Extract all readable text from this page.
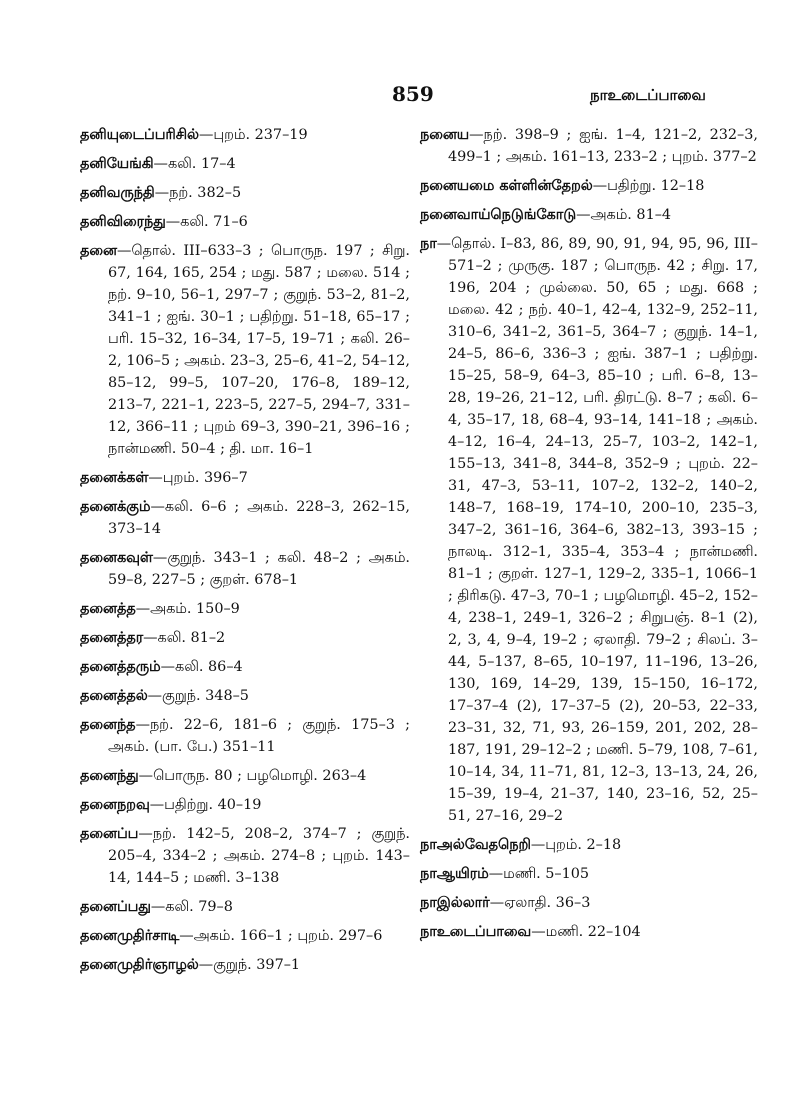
859	நாஉடைப்பாவை

தனியுடைப்பரிசில்—புறம். 237–19

தனியேங்கி—கலி. 17–4

தனிவருந்தி—நற். 382–5

தனிவிரைந்து—கலி. 71–6

தனை—தொல். III–633–3 ; பொருந. 197 ; சிறு. 67, 164, 165, 254 ; மது. 587 ; மலை. 514 ; நற். 9–10, 56–1, 297–7 ; குறுந். 53–2, 81–2, 341–1 ; ஐங். 30–1 ; பதிற்று. 51–18, 65–17 ; பரி. 15–32, 16–34, 17–5, 19–71 ; கலி. 26–2, 106–5 ; அகம். 23–3, 25–6, 41–2, 54–12, 85–12, 99–5, 107–20, 176–8, 189–12, 213–7, 221–1, 223–5, 227–5, 294–7, 331–12, 366–11 ; புறம் 69–3, 390–21, 396–16 ; நான்மணி. 50–4 ; தி. மா. 16–1

தனைக்கள்—புறம். 396–7

தனைக்கும்—கலி. 6–6 ; அகம். 228–3, 262–15, 373–14

தனைகவுள்—குறுந். 343–1 ; கலி. 48–2 ; அகம். 59–8, 227–5 ; குறள். 678–1

தனைத்த—அகம். 150–9

தனைத்தர—கலி. 81–2

தனைத்தரும்—கலி. 86–4

தனைத்தல்—குறுந். 348–5

தனைந்த—நற். 22–6, 181–6 ; குறுந். 175–3 ; அகம். (பா. பே.) 351–11

தனைந்து—பொருந. 80 ; பழமொழி. 263–4

தனைநறவு—பதிற்று. 40–19

தனைப்ப—நற். 142–5, 208–2, 374–7 ; குறுந். 205–4, 334–2 ; அகம். 274–8 ; புறம். 143–14, 144–5 ; மணி. 3–138

தனைப்பது—கலி. 79–8

தனைமுதிர்சாடி—அகம். 166–1 ; புறம். 297–6

தனைமுதிர்ஞாழல்—குறுந். 397–1

நனைய—நற். 398–9 ; ஐங். 1–4, 121–2, 232–3, 499–1 ; அகம். 161–13, 233–2 ; புறம். 377–2

நனையமை கள்ளின்தேறல்—பதிற்று. 12–18

நனைவாய்நெடுங்கோடு—அகம். 81–4

நா—தொல். I–83, 86, 89, 90, 91, 94, 95, 96, III–571–2 ; முருகு. 187 ; பொருந. 42 ; சிறு. 17, 196, 204 ; முல்லை. 50, 65 ; மது. 668 ; மலை. 42 ; நற். 40–1, 42–4, 132–9, 252–11, 310–6, 341–2, 361–5, 364–7 ; குறுந். 14–1, 24–5, 86–6, 336–3 ; ஐங். 387–1 ; பதிற்று. 15–25, 58–9, 64–3, 85–10 ; பரி. 6–8, 13–28, 19–26, 21–12, பரி. திரட்டு. 8–7 ; கலி. 6–4, 35–17, 18, 68–4, 93–14, 141–18 ; அகம். 4–12, 16–4, 24–13, 25–7, 103–2, 142–1, 155–13, 341–8, 344–8, 352–9 ; புறம். 22–31, 47–3, 53–11, 107–2, 132–2, 140–2, 148–7, 168–19, 174–10, 200–10, 235–3, 347–2, 361–16, 364–6, 382–13, 393–15 ; நாலடி. 312–1, 335–4, 353–4 ; நான்மணி. 81–1 ; குறள். 127–1, 129–2, 335–1, 1066–1 ; திரிகடு. 47–3, 70–1 ; பழமொழி. 45–2, 152–4, 238–1, 249–1, 326–2 ; சிறுபஞ். 8–1 (2), 2, 3, 4, 9–4, 19–2 ; ஏலாதி. 79–2 ; சிலப். 3–44, 5–137, 8–65, 10–197, 11–196, 13–26, 130, 169, 14–29, 139, 15–150, 16–172, 17–37–4 (2), 17–37–5 (2), 20–53, 22–33, 23–31, 32, 71, 93, 26–159, 201, 202, 28–187, 191, 29–12–2 ; மணி. 5–79, 108, 7–61, 10–14, 34, 11–71, 81, 12–3, 13–13, 24, 26, 15–39, 19–4, 21–37, 140, 23–16, 52, 25–51, 27–16, 29–2

நாஅல்வேதநெறி—புறம். 2–18

நாஆயிரம்—மணி. 5–105

நாஇல்லார்—ஏலாதி. 36–3

நாஉடைப்பாவை—மணி. 22–104
